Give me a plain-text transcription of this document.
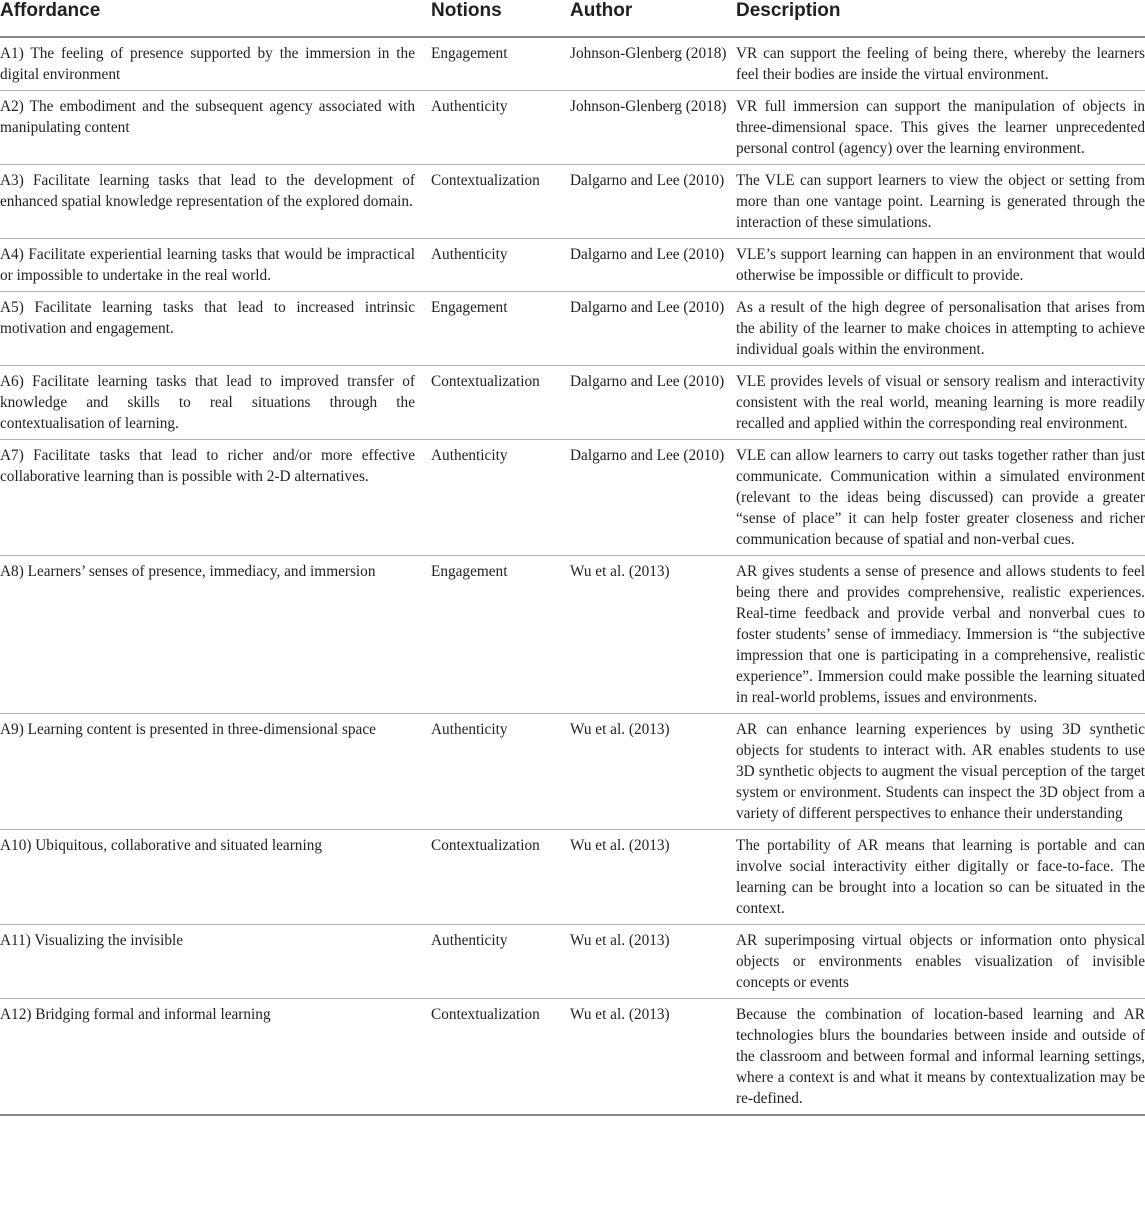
Affordance	Notions	Author	Description
A1) The feeling of presence supported by the immersion in the digital environment	Engagement	Johnson-Glenberg (2018)	VR can support the feeling of being there, whereby the learners feel their bodies are inside the virtual environment.
A2) The embodiment and the subsequent agency associated with manipulating content	Authenticity	Johnson-Glenberg (2018)	VR full immersion can support the manipulation of objects in three-dimensional space. This gives the learner unprecedented personal control (agency) over the learning environment.
A3) Facilitate learning tasks that lead to the development of enhanced spatial knowledge representation of the explored domain.	Contextualization	Dalgarno and Lee (2010)	The VLE can support learners to view the object or setting from more than one vantage point. Learning is generated through the interaction of these simulations.
A4) Facilitate experiential learning tasks that would be impractical or impossible to undertake in the real world.	Authenticity	Dalgarno and Lee (2010)	VLE’s support learning can happen in an environment that would otherwise be impossible or difficult to provide.
A5) Facilitate learning tasks that lead to increased intrinsic motivation and engagement.	Engagement	Dalgarno and Lee (2010)	As a result of the high degree of personalisation that arises from the ability of the learner to make choices in attempting to achieve individual goals within the environment.
A6) Facilitate learning tasks that lead to improved transfer of knowledge and skills to real situations through the contextualisation of learning.	Contextualization	Dalgarno and Lee (2010)	VLE provides levels of visual or sensory realism and interactivity consistent with the real world, meaning learning is more readily recalled and applied within the corresponding real environment.
A7) Facilitate tasks that lead to richer and/or more effective collaborative learning than is possible with 2-D alternatives.	Authenticity	Dalgarno and Lee (2010)	VLE can allow learners to carry out tasks together rather than just communicate. Communication within a simulated environment (relevant to the ideas being discussed) can provide a greater “sense of place” it can help foster greater closeness and richer communication because of spatial and non-verbal cues.
A8) Learners’ senses of presence, immediacy, and immersion	Engagement	Wu et al. (2013)	AR gives students a sense of presence and allows students to feel being there and provides comprehensive, realistic experiences. Real-time feedback and provide verbal and nonverbal cues to foster students’ sense of immediacy. Immersion is “the subjective impression that one is participating in a comprehensive, realistic experience”. Immersion could make possible the learning situated in real-world problems, issues and environments.
A9) Learning content is presented in three-dimensional space	Authenticity	Wu et al. (2013)	AR can enhance learning experiences by using 3D synthetic objects for students to interact with. AR enables students to use 3D synthetic objects to augment the visual perception of the target system or environment. Students can inspect the 3D object from a variety of different perspectives to enhance their understanding
A10) Ubiquitous, collaborative and situated learning	Contextualization	Wu et al. (2013)	The portability of AR means that learning is portable and can involve social interactivity either digitally or face-to-face. The learning can be brought into a location so can be situated in the context.
A11) Visualizing the invisible	Authenticity	Wu et al. (2013)	AR superimposing virtual objects or information onto physical objects or environments enables visualization of invisible concepts or events
A12) Bridging formal and informal learning	Contextualization	Wu et al. (2013)	Because the combination of location-based learning and AR technologies blurs the boundaries between inside and outside of the classroom and between formal and informal learning settings, where a context is and what it means by contextualization may be re-defined.
